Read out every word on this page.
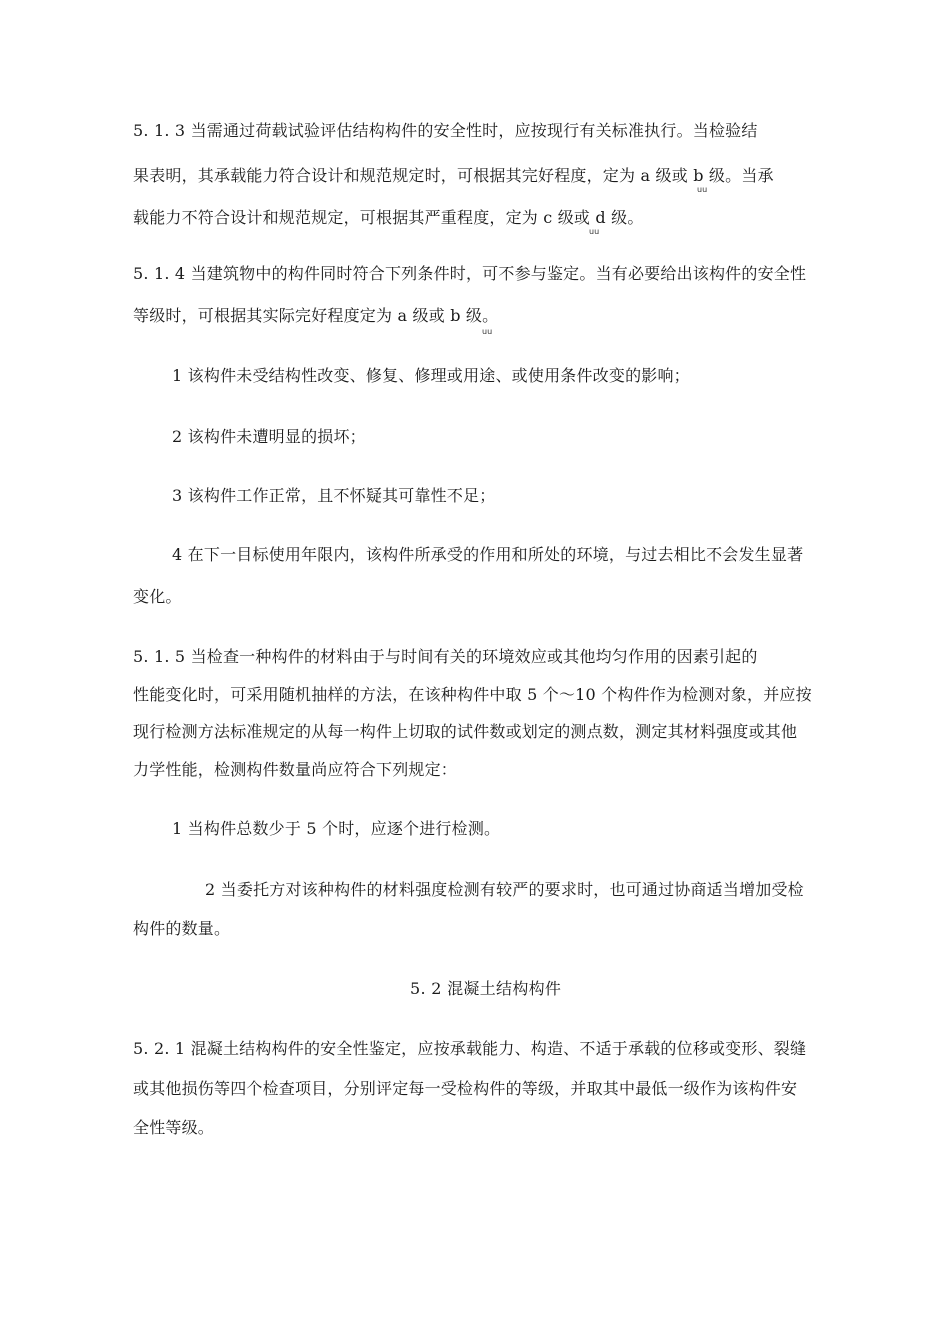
5. 1. 3 当需通过荷载试验评估结构构件的安全性时，应按现行有关标准执行。当检验结
果表明，其承载能力符合设计和规范规定时，可根据其完好程度，定为 a 级或 b 级。当承
uu
载能力不符合设计和规范规定，可根据其严重程度，定为 c 级或 d 级。
uu
5. 1. 4 当建筑物中的构件同时符合下列条件时，可不参与鉴定。当有必要给出该构件的安全性
等级时，可根据其实际完好程度定为 a 级或 b 级。
uu
1 该构件未受结构性改变、修复、修理或用途、或使用条件改变的影响；
2 该构件未遭明显的损坏；
3 该构件工作正常，且不怀疑其可靠性不足；
4 在下一目标使用年限内，该构件所承受的作用和所处的环境，与过去相比不会发生显著
变化。
5. 1. 5 当检查一种构件的材料由于与时间有关的环境效应或其他均匀作用的因素引起的
性能变化时，可采用随机抽样的方法，在该种构件中取 5 个～10 个构件作为检测对象，并应按
现行检测方法标准规定的从每一构件上切取的试件数或划定的测点数，测定其材料强度或其他
力学性能，检测构件数量尚应符合下列规定：
1 当构件总数少于 5 个时，应逐个进行检测。
2 当委托方对该种构件的材料强度检测有较严的要求时，也可通过协商适当增加受检
构件的数量。
5. 2 混凝土结构构件
5. 2. 1 混凝土结构构件的安全性鉴定，应按承载能力、构造、不适于承载的位移或变形、裂缝
或其他损伤等四个检查项目，分别评定每一受检构件的等级，并取其中最低一级作为该构件安
全性等级。
